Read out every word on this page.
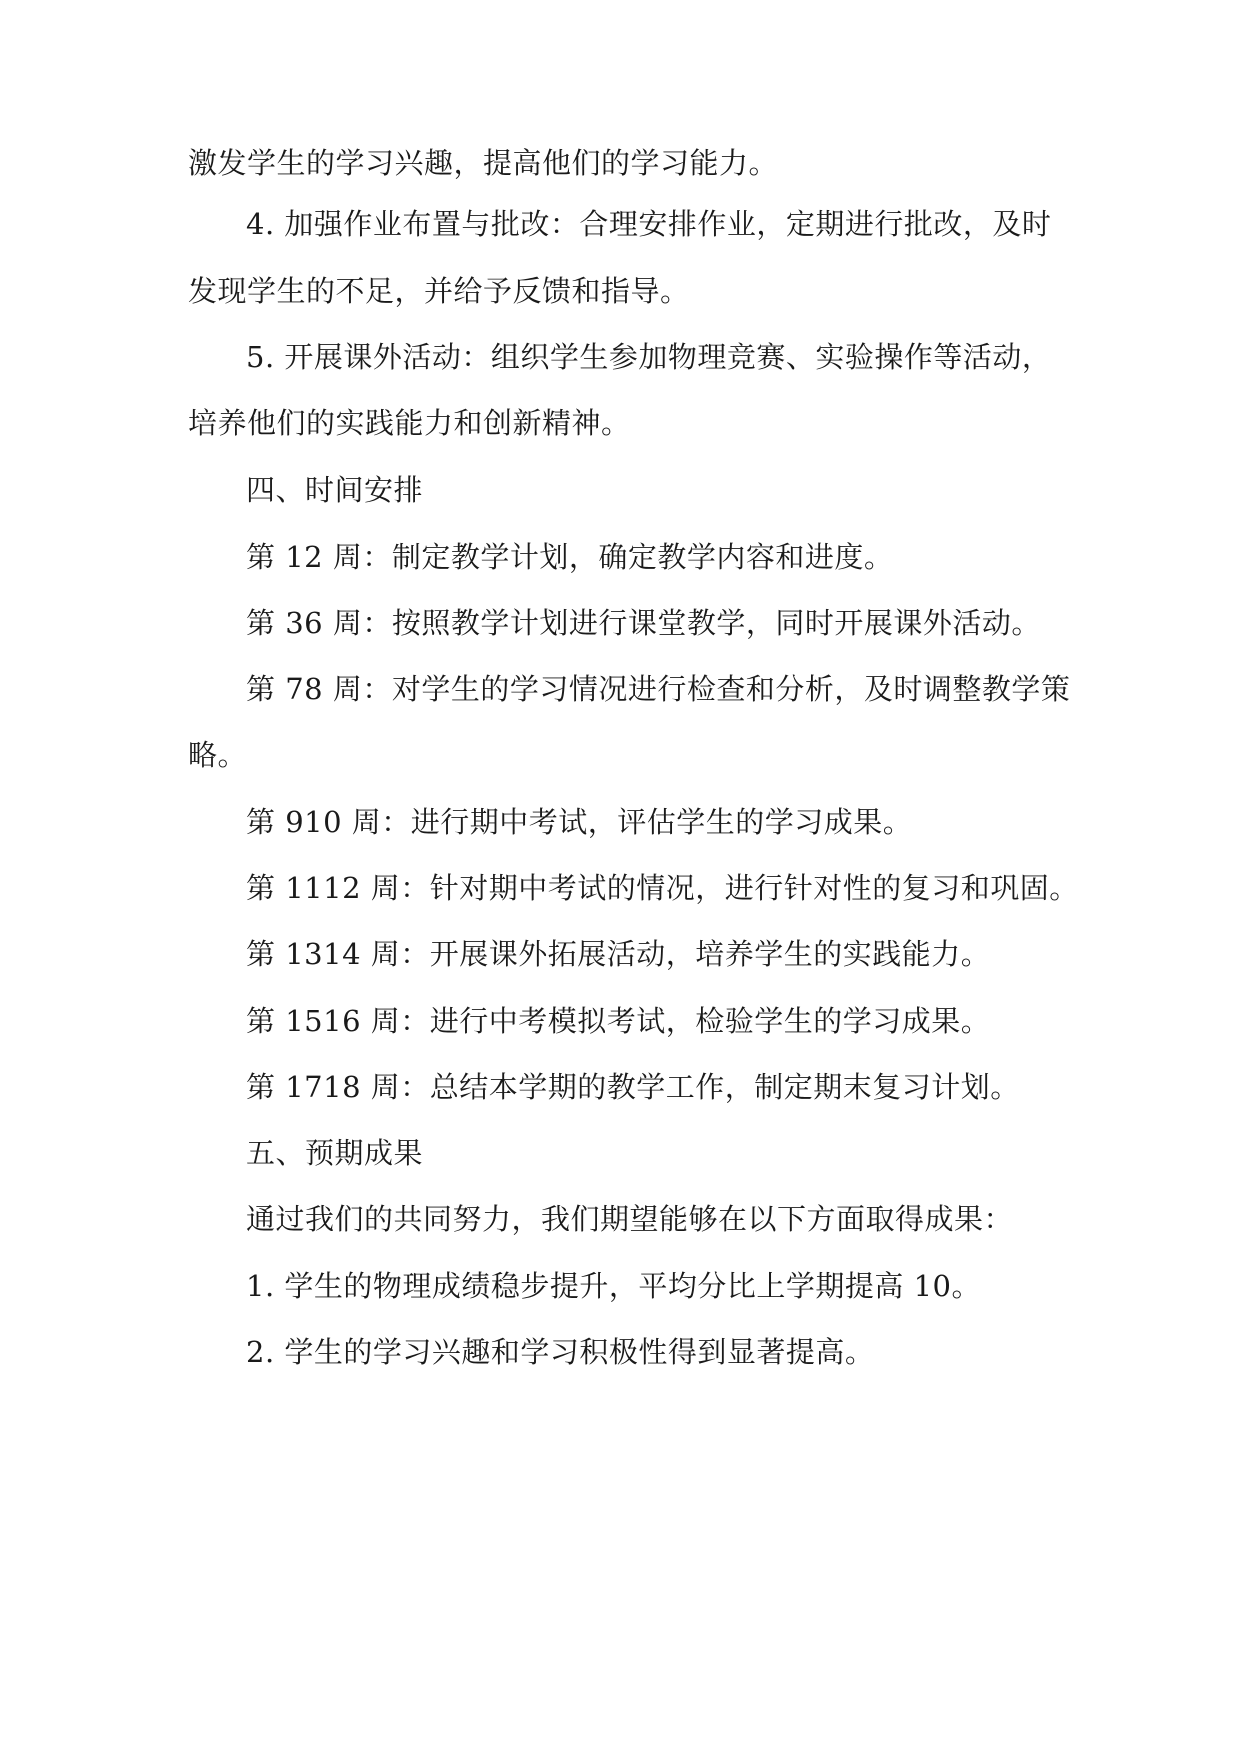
激发学生的学习兴趣，提高他们的学习能力。
4. 加强作业布置与批改：合理安排作业，定期进行批改，及时
发现学生的不足，并给予反馈和指导。
5. 开展课外活动：组织学生参加物理竞赛、实验操作等活动，
培养他们的实践能力和创新精神。
四、时间安排
第 12 周：制定教学计划，确定教学内容和进度。
第 36 周：按照教学计划进行课堂教学，同时开展课外活动。
第 78 周：对学生的学习情况进行检查和分析，及时调整教学策
略。
第 910 周：进行期中考试，评估学生的学习成果。
第 1112 周：针对期中考试的情况，进行针对性的复习和巩固。
第 1314 周：开展课外拓展活动，培养学生的实践能力。
第 1516 周：进行中考模拟考试，检验学生的学习成果。
第 1718 周：总结本学期的教学工作，制定期末复习计划。
五、预期成果
通过我们的共同努力，我们期望能够在以下方面取得成果：
1. 学生的物理成绩稳步提升，平均分比上学期提高 10。
2. 学生的学习兴趣和学习积极性得到显著提高。
